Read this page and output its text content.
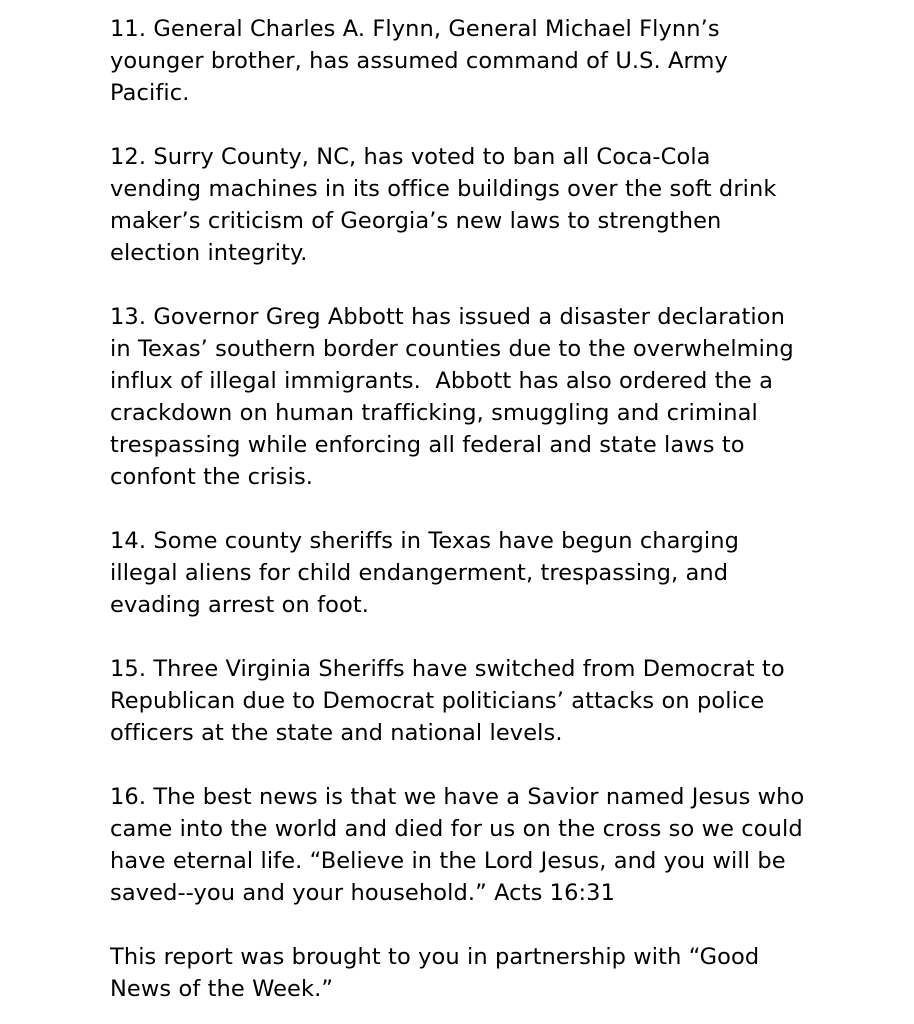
11. General Charles A. Flynn, General Michael Flynn’s
younger brother, has assumed command of U.S. Army
Pacific.

12. Surry County, NC, has voted to ban all Coca-Cola
vending machines in its office buildings over the soft drink
maker’s criticism of Georgia’s new laws to strengthen
election integrity.

13. Governor Greg Abbott has issued a disaster declaration
in Texas’ southern border counties due to the overwhelming
influx of illegal immigrants.  Abbott has also ordered the a
crackdown on human trafficking, smuggling and criminal
trespassing while enforcing all federal and state laws to
confont the crisis.

14. Some county sheriffs in Texas have begun charging
illegal aliens for child endangerment, trespassing, and
evading arrest on foot.

15. Three Virginia Sheriffs have switched from Democrat to
Republican due to Democrat politicians’ attacks on police
officers at the state and national levels.

16. The best news is that we have a Savior named Jesus who
came into the world and died for us on the cross so we could
have eternal life. “Believe in the Lord Jesus, and you will be
saved--you and your household.” Acts 16:31

This report was brought to you in partnership with “Good
News of the Week.”
